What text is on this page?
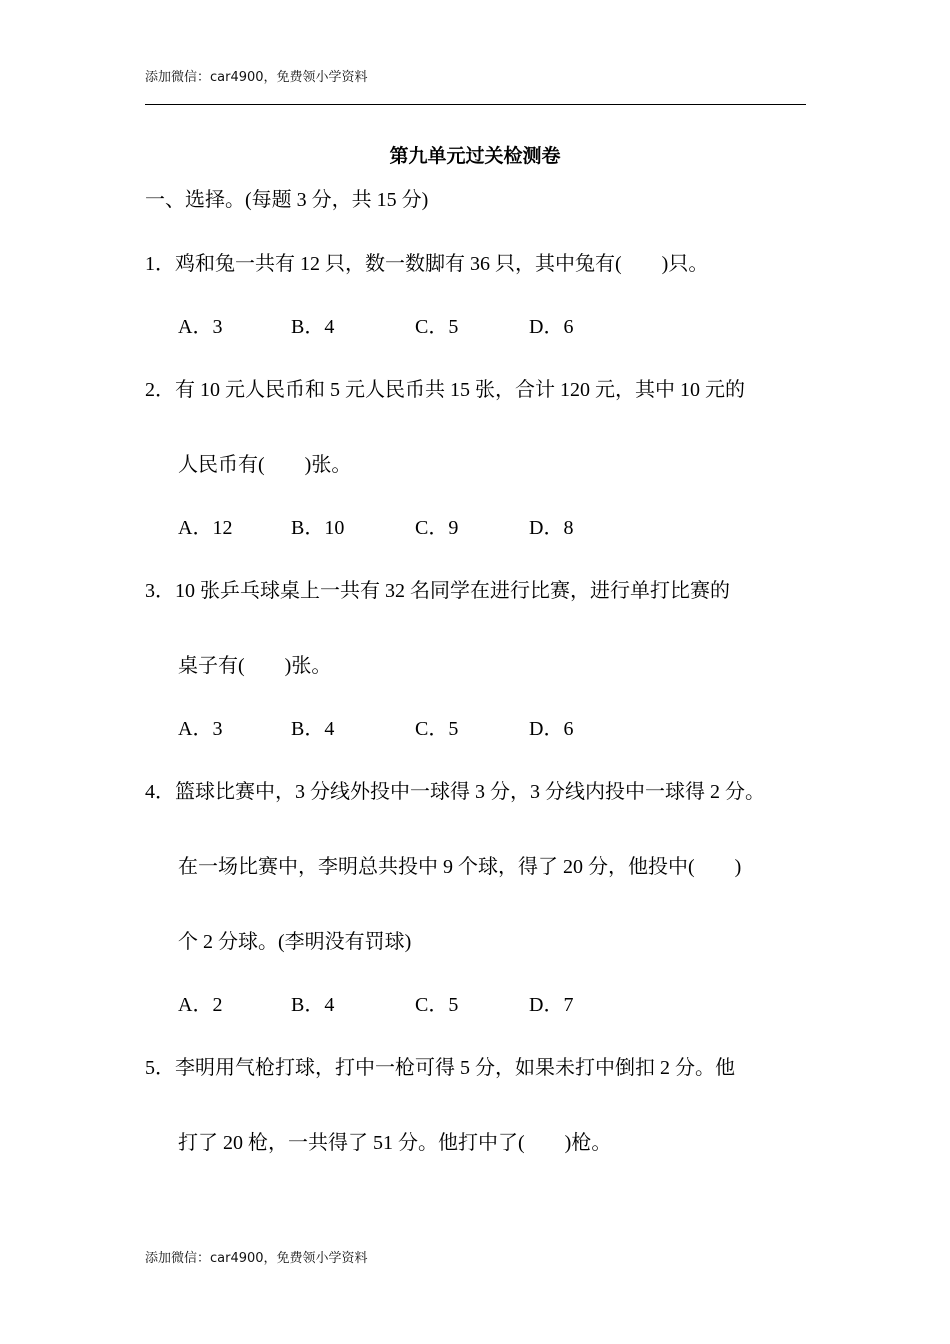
添加微信：car4900，免费领小学资料
第九单元过关检测卷
一、选择。(每题 3 分，共 15 分)
1．鸡和兔一共有 12 只，数一数脚有 36 只，其中兔有(　　)只。
A．3	B．4	C．5	D．6
2．有 10 元人民币和 5 元人民币共 15 张，合计 120 元，其中 10 元的
人民币有(　　)张。
A．12	B．10	C．9	D．8
3．10 张乒乓球桌上一共有 32 名同学在进行比赛，进行单打比赛的
桌子有(　　)张。
A．3	B．4	C．5	D．6
4．篮球比赛中，3 分线外投中一球得 3 分，3 分线内投中一球得 2 分。
在一场比赛中，李明总共投中 9 个球，得了 20 分，他投中(　　)
个 2 分球。(李明没有罚球)
A．2	B．4	C．5	D．7
5．李明用气枪打球，打中一枪可得 5 分，如果未打中倒扣 2 分。他
打了 20 枪，一共得了 51 分。他打中了(　　)枪。
添加微信：car4900，免费领小学资料
